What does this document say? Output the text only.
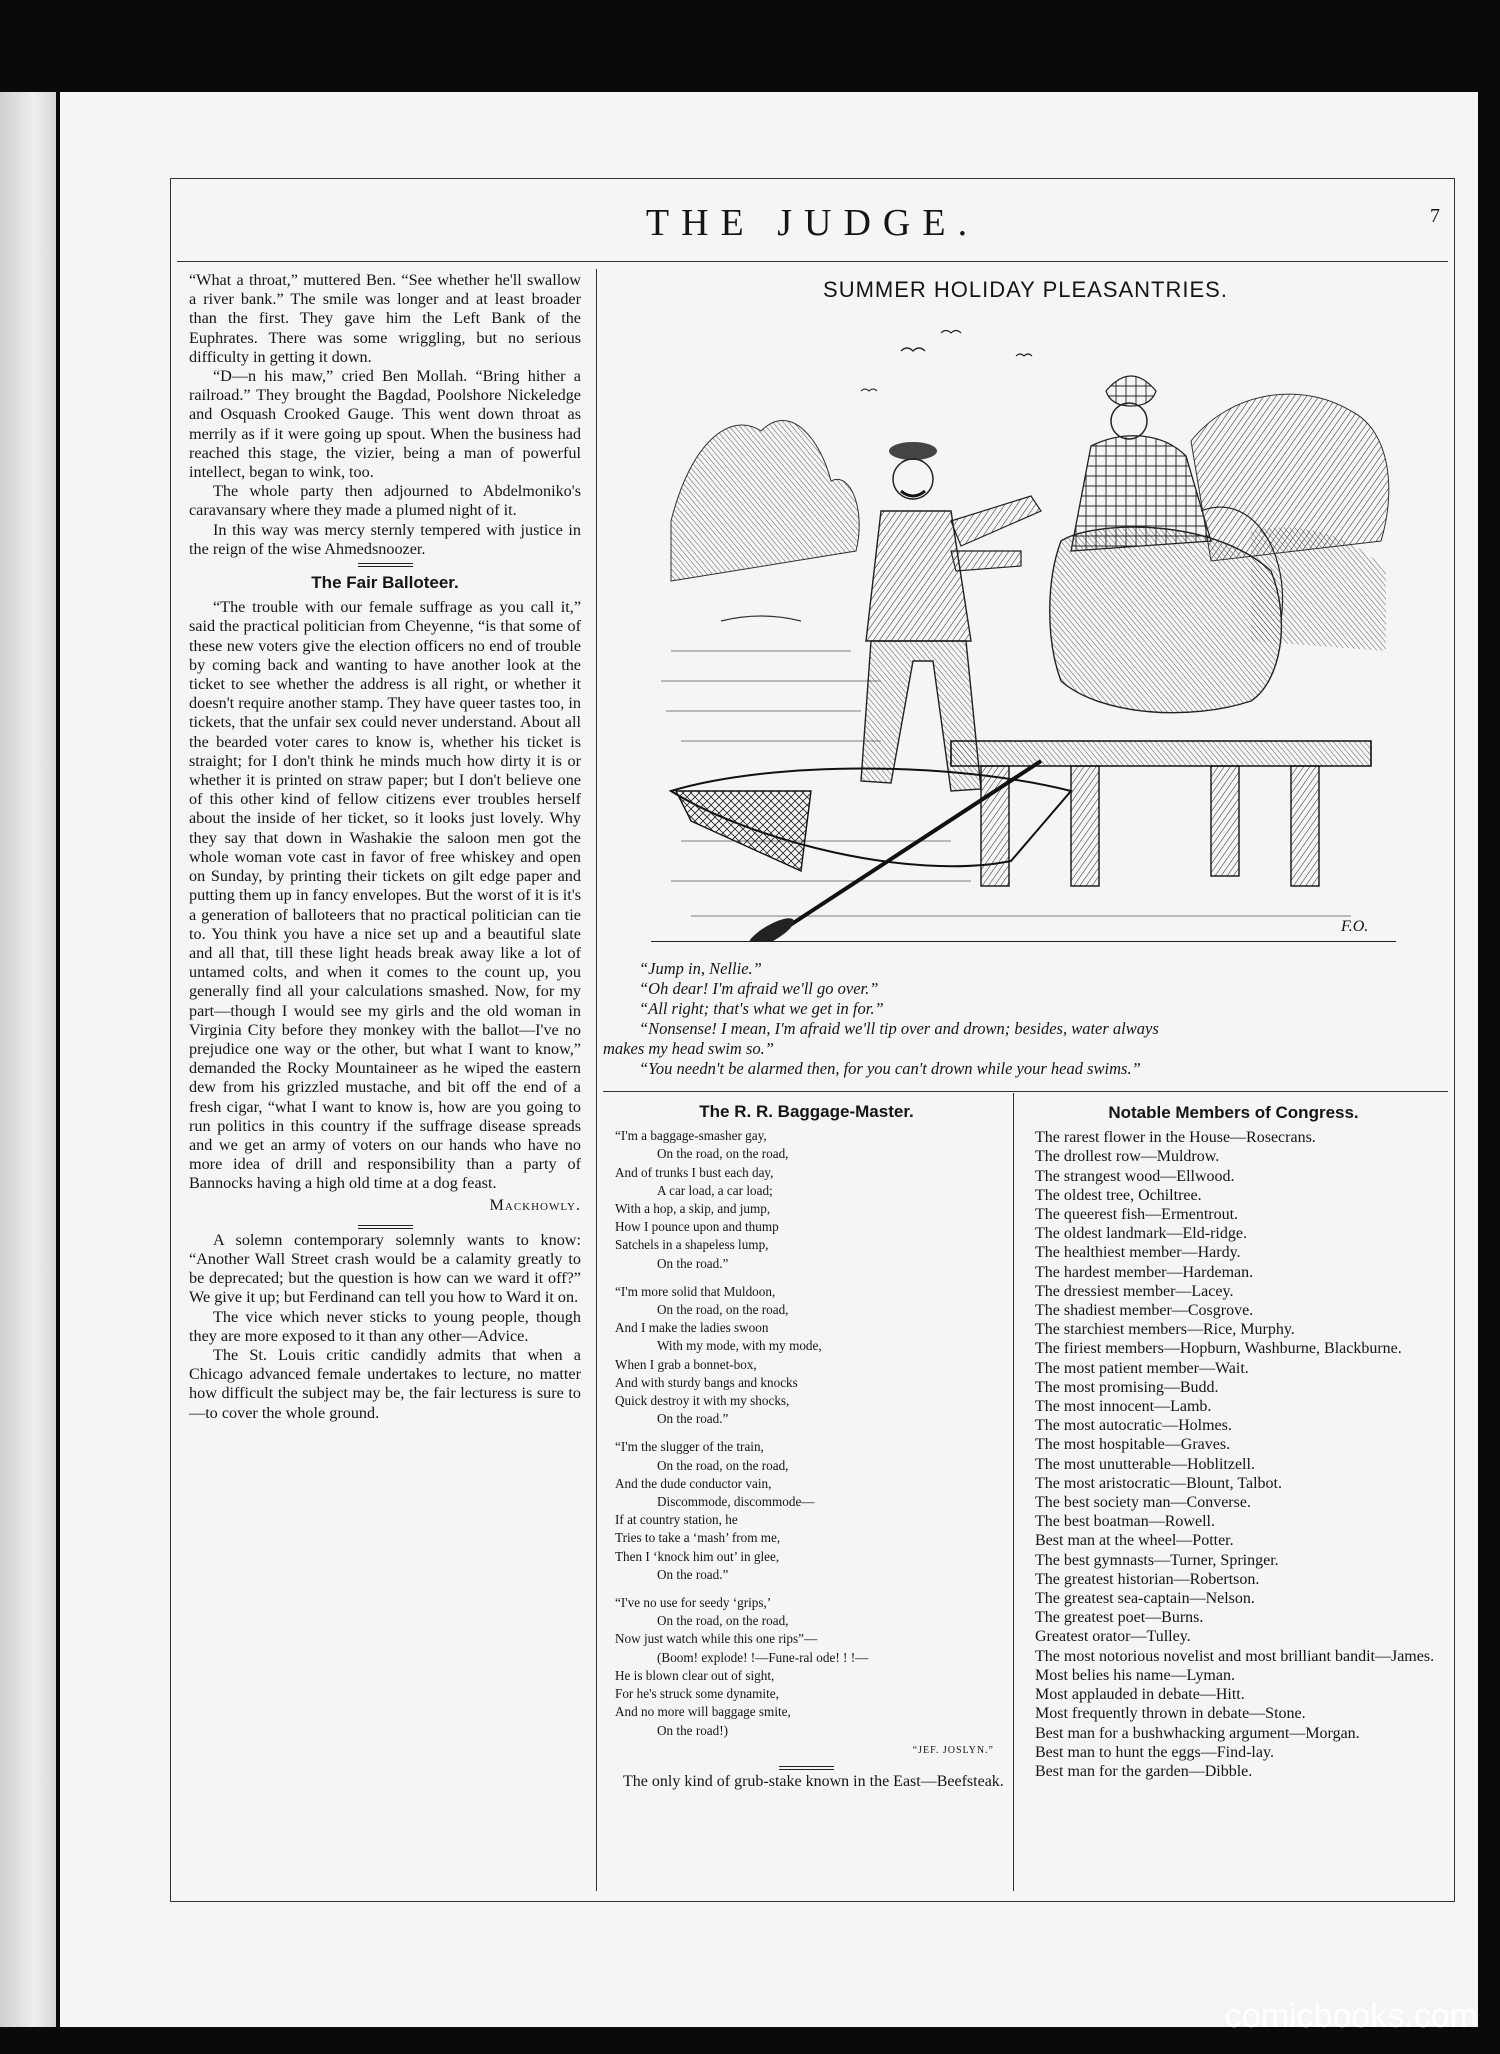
THE JUDGE.	7

“What a throat,” muttered Ben. “See whether he'll swallow a river bank.” The smile was longer and at least broader than the first. They gave him the Left Bank of the Euphrates. There was some wriggling, but no serious difficulty in getting it down.

“D—n his maw,” cried Ben Mollah. “Bring hither a railroad.” They brought the Bagdad, Poolshore Nickeledge and Osquash Crooked Gauge. This went down throat as merrily as if it were going up spout. When the business had reached this stage, the vizier, being a man of powerful intellect, began to wink, too.

The whole party then adjourned to Abdelmoniko's caravansary where they made a plumed night of it.

In this way was mercy sternly tempered with justice in the reign of the wise Ahmedsnoozer.

The Fair Balloteer.

“The trouble with our female suffrage as you call it,” said the practical politician from Cheyenne, “is that some of these new voters give the election officers no end of trouble by coming back and wanting to have another look at the ticket to see whether the address is all right, or whether it doesn't require another stamp. They have queer tastes too, in tickets, that the unfair sex could never understand. About all the bearded voter cares to know is, whether his ticket is straight; for I don't think he minds much how dirty it is or whether it is printed on straw paper; but I don't believe one of this other kind of fellow citizens ever troubles herself about the inside of her ticket, so it looks just lovely. Why they say that down in Washakie the saloon men got the whole woman vote cast in favor of free whiskey and open on Sunday, by printing their tickets on gilt edge paper and putting them up in fancy envelopes. But the worst of it is it's a generation of balloteers that no practical politician can tie to. You think you have a nice set up and a beautiful slate and all that, till these light heads break away like a lot of untamed colts, and when it comes to the count up, you generally find all your calculations smashed. Now, for my part—though I would see my girls and the old woman in Virginia City before they monkey with the ballot—I've no prejudice one way or the other, but what I want to know,” demanded the Rocky Mountaineer as he wiped the eastern dew from his grizzled mustache, and bit off the end of a fresh cigar, “what I want to know is, how are you going to run politics in this country if the suffrage disease spreads and we get an army of voters on our hands who have no more idea of drill and responsibility than a party of Bannocks having a high old time at a dog feast.

Mackhowly.

A solemn contemporary solemnly wants to know: “Another Wall Street crash would be a calamity greatly to be deprecated; but the question is how can we ward it off?” We give it up; but Ferdinand can tell you how to Ward it on.

The vice which never sticks to young people, though they are more exposed to it than any other—Advice.

The St. Louis critic candidly admits that when a Chicago advanced female undertakes to lecture, no matter how difficult the subject may be, the fair lecturess is sure to—to cover the whole ground.

SUMMER HOLIDAY PLEASANTRIES.
F.O.
“Jump in, Nellie.”
“Oh dear! I'm afraid we'll go over.”
“All right; that's what we get in for.”
“Nonsense! I mean, I'm afraid we'll tip over and drown; besides, water always
makes my head swim so.”
“You needn't be alarmed then, for you can't drown while your head swims.”
The R. R. Baggage-Master.
“I'm a baggage-smasher gay,
On the road, on the road,
And of trunks I bust each day,
A car load, a car load;
With a hop, a skip, and jump,
How I pounce upon and thump
Satchels in a shapeless lump,
On the road.”
“I'm more solid that Muldoon,
On the road, on the road,
And I make the ladies swoon
With my mode, with my mode,
When I grab a bonnet-box,
And with sturdy bangs and knocks
Quick destroy it with my shocks,
On the road.”
“I'm the slugger of the train,
On the road, on the road,
And the dude conductor vain,
Discommode, discommode—
If at country station, he
Tries to take a ‘mash’ from me,
Then I ‘knock him out’ in glee,
On the road.”
“I've no use for seedy ‘grips,’
On the road, on the road,
Now just watch while this one rips”—
(Boom! explode! !—Fune-ral ode! ! !—
He is blown clear out of sight,
For he's struck some dynamite,
And no more will baggage smite,
On the road!)
“JEF. JOSLYN.”
The only kind of grub-stake known in the East—Beefsteak.
Notable Members of Congress.

The rarest flower in the House—Rosecrans.

The drollest row—Muldrow.

The strangest wood—Ellwood.

The oldest tree, Ochiltree.

The queerest fish—Ermentrout.

The oldest landmark—Eld-ridge.

The healthiest member—Hardy.

The hardest member—Hardeman.

The dressiest member—Lacey.

The shadiest member—Cosgrove.

The starchiest members—Rice, Murphy.

The firiest members—Hopburn, Washburne, Blackburne.

The most patient member—Wait.

The most promising—Budd.

The most innocent—Lamb.

The most autocratic—Holmes.

The most hospitable—Graves.

The most unutterable—Hoblitzell.

The most aristocratic—Blount, Talbot.

The best society man—Converse.

The best boatman—Rowell.

Best man at the wheel—Potter.

The best gymnasts—Turner, Springer.

The greatest historian—Robertson.

The greatest sea-captain—Nelson.

The greatest poet—Burns.

Greatest orator—Tulley.

The most notorious novelist and most brilliant bandit—James.

Most belies his name—Lyman.

Most applauded in debate—Hitt.

Most frequently thrown in debate—Stone.

Best man for a bushwhacking argument—Morgan.

Best man to hunt the eggs—Find-lay.

Best man for the garden—Dibble.

comicbooks.com
